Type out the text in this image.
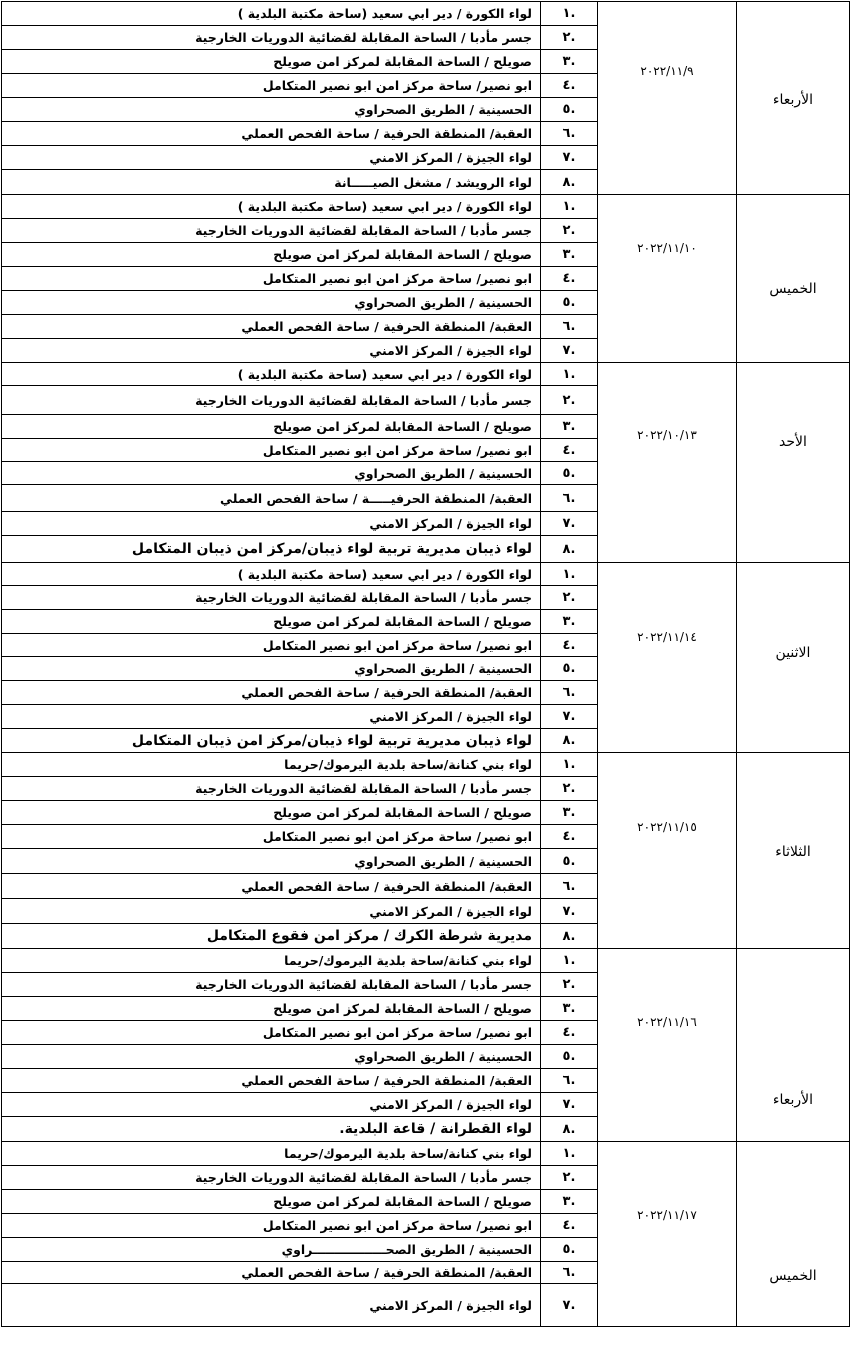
لواء الكورة / دير ابي سعيد (ساحة مكتبة البلدية )	١.	٢٠٢٢/١١/٩	الأربعاء

جسر مأدبا / الساحة المقابلة لقضائية الدوريات الخارجية	٢.		
صويلح / الساحة المقابلة لمركز امن صويلح	٣.		
ابو نصير/ ساحة مركز امن ابو نصير المتكامل	٤.		
الحسينية / الطريق الصحراوي	٥.		
العقبة/ المنطقة الحرفية / ساحة الفحص العملي	٦.		
لواء الجيزة / المركز الامني	٧.		
لواء الرويشد / مشغل الصيـــــانة	٨.		
لواء الكورة / دير ابي سعيد (ساحة مكتبة البلدية )	١.	٢٠٢٢/١١/١٠	الخميس

جسر مأدبا / الساحة المقابلة لقضائية الدوريات الخارجية	٢.		
صويلح / الساحة المقابلة لمركز امن صويلح	٣.		
ابو نصير/ ساحة مركز امن ابو نصير المتكامل	٤.		
الحسينية / الطريق الصحراوي	٥.		
العقبة/ المنطقة الحرفية / ساحة الفحص العملي	٦.		
لواء الجيزة / المركز الامني	٧.		
لواء الكورة / دير ابي سعيد (ساحة مكتبة البلدية )	١.	٢٠٢٢/١٠/١٣	الأحد

جسر مأدبا / الساحة المقابلة لقضائية الدوريات الخارجية	٢.		
صويلح / الساحة المقابلة لمركز امن صويلح	٣.		
ابو نصير/ ساحة مركز امن ابو نصير المتكامل	٤.		
الحسينية / الطريق الصحراوي	٥.		
العقبة/ المنطقة الحرفيـــــة / ساحة الفحص العملي	٦.		
لواء الجيزة / المركز الامني	٧.		
لواء ذيبان مديرية تربية لواء ذيبان/مركز امن ذيبان المتكامل	٨.		
لواء الكورة / دير ابي سعيد (ساحة مكتبة البلدية )	١.	٢٠٢٢/١١/١٤	الاثنين

جسر مأدبا / الساحة المقابلة لقضائية الدوريات الخارجية	٢.		
صويلح / الساحة المقابلة لمركز امن صويلح	٣.		
ابو نصير/ ساحة مركز امن ابو نصير المتكامل	٤.		
الحسينية / الطريق الصحراوي	٥.		
العقبة/ المنطقة الحرفية / ساحة الفحص العملي	٦.		
لواء الجيزة / المركز الامني	٧.		
لواء ذيبان مديرية تربية لواء ذيبان/مركز امن ذيبان المتكامل	٨.		
لواء بني كنانة/ساحة بلدية اليرموك/حريما	١.	٢٠٢٢/١١/١٥	الثلاثاء

جسر مأدبا / الساحة المقابلة لقضائية الدوريات الخارجية	٢.		
صويلح / الساحة المقابلة لمركز امن صويلح	٣.		
ابو نصير/ ساحة مركز امن ابو نصير المتكامل	٤.		
الحسينية / الطريق الصحراوي	٥.		
العقبة/ المنطقة الحرفية / ساحة الفحص العملي	٦.		
لواء الجيزة / المركز الامني	٧.		
مديرية شرطة الكرك / مركز امن فقوع المتكامل	٨.		
لواء بني كنانة/ساحة بلدية اليرموك/حريما	١.	٢٠٢٢/١١/١٦	الأربعاء

جسر مأدبا / الساحة المقابلة لقضائية الدوريات الخارجية	٢.		
صويلح / الساحة المقابلة لمركز امن صويلح	٣.		
ابو نصير/ ساحة مركز امن ابو نصير المتكامل	٤.		
الحسينية / الطريق الصحراوي	٥.		
العقبة/ المنطقة الحرفية / ساحة الفحص العملي	٦.		
لواء الجيزة / المركز الامني	٧.		
لواء القطرانة / قاعة البلدية.	٨.		
لواء بني كنانة/ساحة بلدية اليرموك/حريما	١.	٢٠٢٢/١١/١٧	الخميس

جسر مأدبا / الساحة المقابلة لقضائية الدوريات الخارجية	٢.		
صويلح / الساحة المقابلة لمركز امن صويلح	٣.		
ابو نصير/ ساحة مركز امن ابو نصير المتكامل	٤.		
الحسينية / الطريق الصحـــــــــــــــــراوي	٥.		
العقبة/ المنطقة الحرفية / ساحة الفحص العملي	٦.		
لواء الجيزة / المركز الامني	٧.		
